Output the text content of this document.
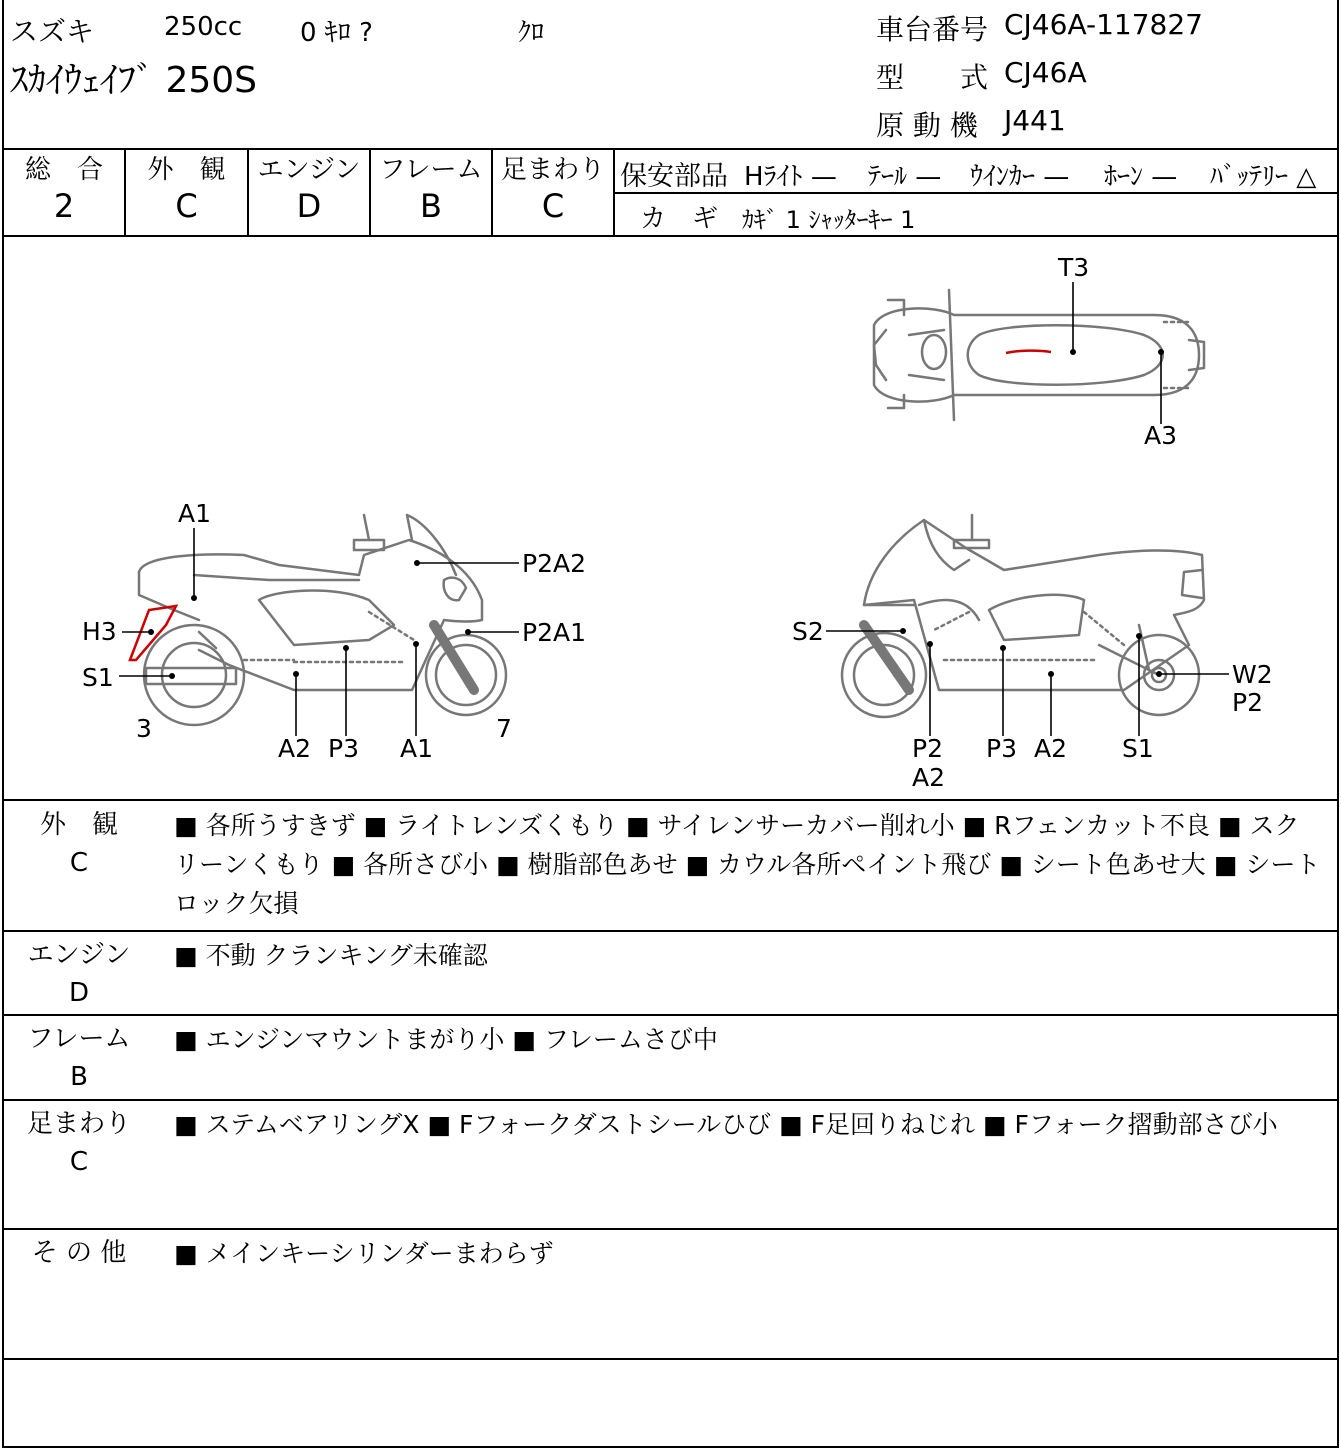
スズキ	250cc 0 ｷﾛ ?	ｸﾛ
ｽｶｲｳｪｲﾌﾞ 250S
車台番号 CJ46A-117827
型　　式 CJ46A
原 動 機 J441
総　合
2
外　観
C
エンジン
D
フレーム
B
足まわり
C
保安部品 Hﾗｲﾄ — ﾃｰﾙ — ｳｲﾝｶｰ — ﾎｰﾝ — ﾊﾞｯﾃﾘｰ △
カ　ギ ｶｷﾞ 1 ｼｬｯﾀｰｷｰ 1
T3
A3
A1
H3
S1
3
A2 P3 A1
7
P2A2
P2A1	S2
W2
P2
P2
A2
P3 A2 S1
外　観
C
■ 各所うすきず ■ ライトレンズくもり ■ サイレンサーカバー削れ小 ■ Rフェンカット不良 ■ スクリーンくもり ■ 各所さび小 ■ 樹脂部色あせ ■ カウル各所ペイント飛び ■ シート色あせ大 ■ シートロック欠損
エンジン
D
■ 不動 クランキング未確認
フレーム
B
■ エンジンマウントまがり小 ■ フレームさび中
足まわり
C
■ ステムベアリングX ■ Fフォークダストシールひび ■ F足回りねじれ ■ Fフォーク摺動部さび小
そ の 他	■ メインキーシリンダーまわらず
